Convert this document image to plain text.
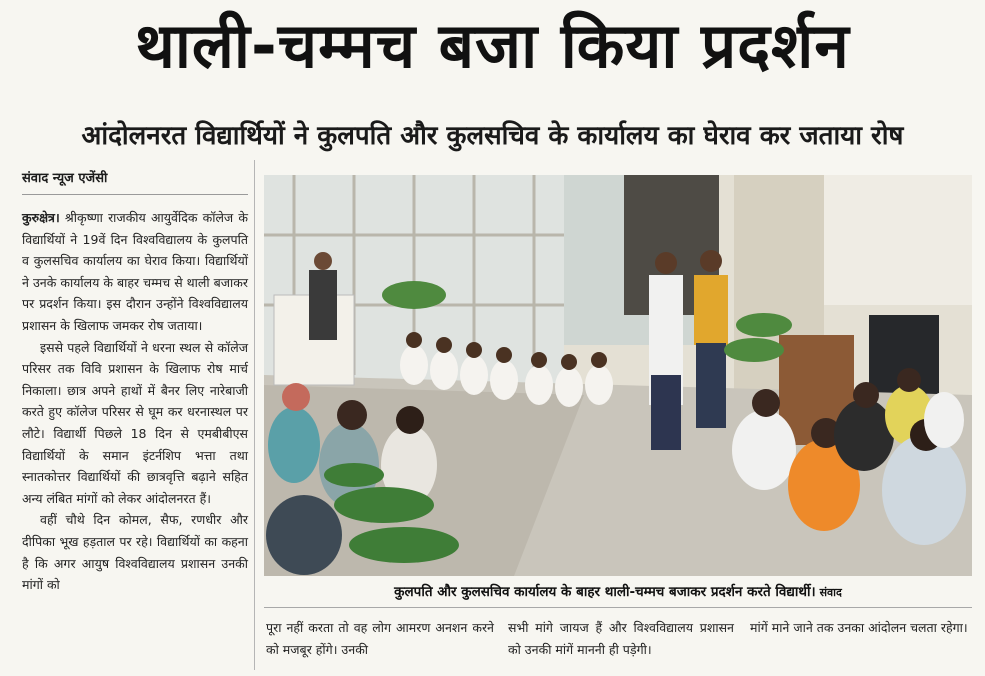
थाली-चम्मच बजा किया प्रदर्शन
आंदोलनरत विद्यार्थियों ने कुलपति और कुलसचिव के कार्यालय का घेराव कर जताया रोष
संवाद न्यूज एजेंसी

कुरुक्षेत्र। श्रीकृष्णा राजकीय आयुर्वेदिक कॉलेज के विद्यार्थियों ने 19वें दिन विश्वविद्यालय के कुलपति व कुलसचिव कार्यालय का घेराव किया। विद्यार्थियों ने उनके कार्यालय के बाहर चम्मच से थाली बजाकर पर प्रदर्शन किया। इस दौरान उन्होंने विश्वविद्यालय प्रशासन के खिलाफ जमकर रोष जताया।

इससे पहले विद्यार्थियों ने धरना स्थल से कॉलेज परिसर तक विवि प्रशासन के खिलाफ रोष मार्च निकाला। छात्र अपने हाथों में बैनर लिए नारेबाजी करते हुए कॉलेज परिसर से घूम कर धरनास्थल पर लौटे। विद्यार्थी पिछले 18 दिन से एमबीबीएस विद्यार्थियों के समान इंटर्नशिप भत्ता तथा स्नातकोत्तर विद्यार्थियों की छात्रवृत्ति बढ़ाने सहित अन्य लंबित मांगों को लेकर आंदोलनरत हैं।

वहीं चौथे दिन कोमल, सैफ, रणधीर और दीपिका भूख हड़ताल पर रहे। विद्यार्थियों का कहना है कि अगर आयुष विश्वविद्यालय प्रशासन उनकी मांगों को	कुलपति और कुलसचिव कार्यालय के बाहर थाली-चम्मच बजाकर प्रदर्शन करते विद्यार्थी। संवाद

पूरा नहीं करता तो वह लोग आमरण अनशन करने को मजबूर होंगे। उनकी

सभी मांगे जायज हैं और विश्वविद्यालय प्रशासन को उनकी मांगें माननी ही पड़ेगी।

मांगें माने जाने तक उनका आंदोलन चलता रहेगा।
